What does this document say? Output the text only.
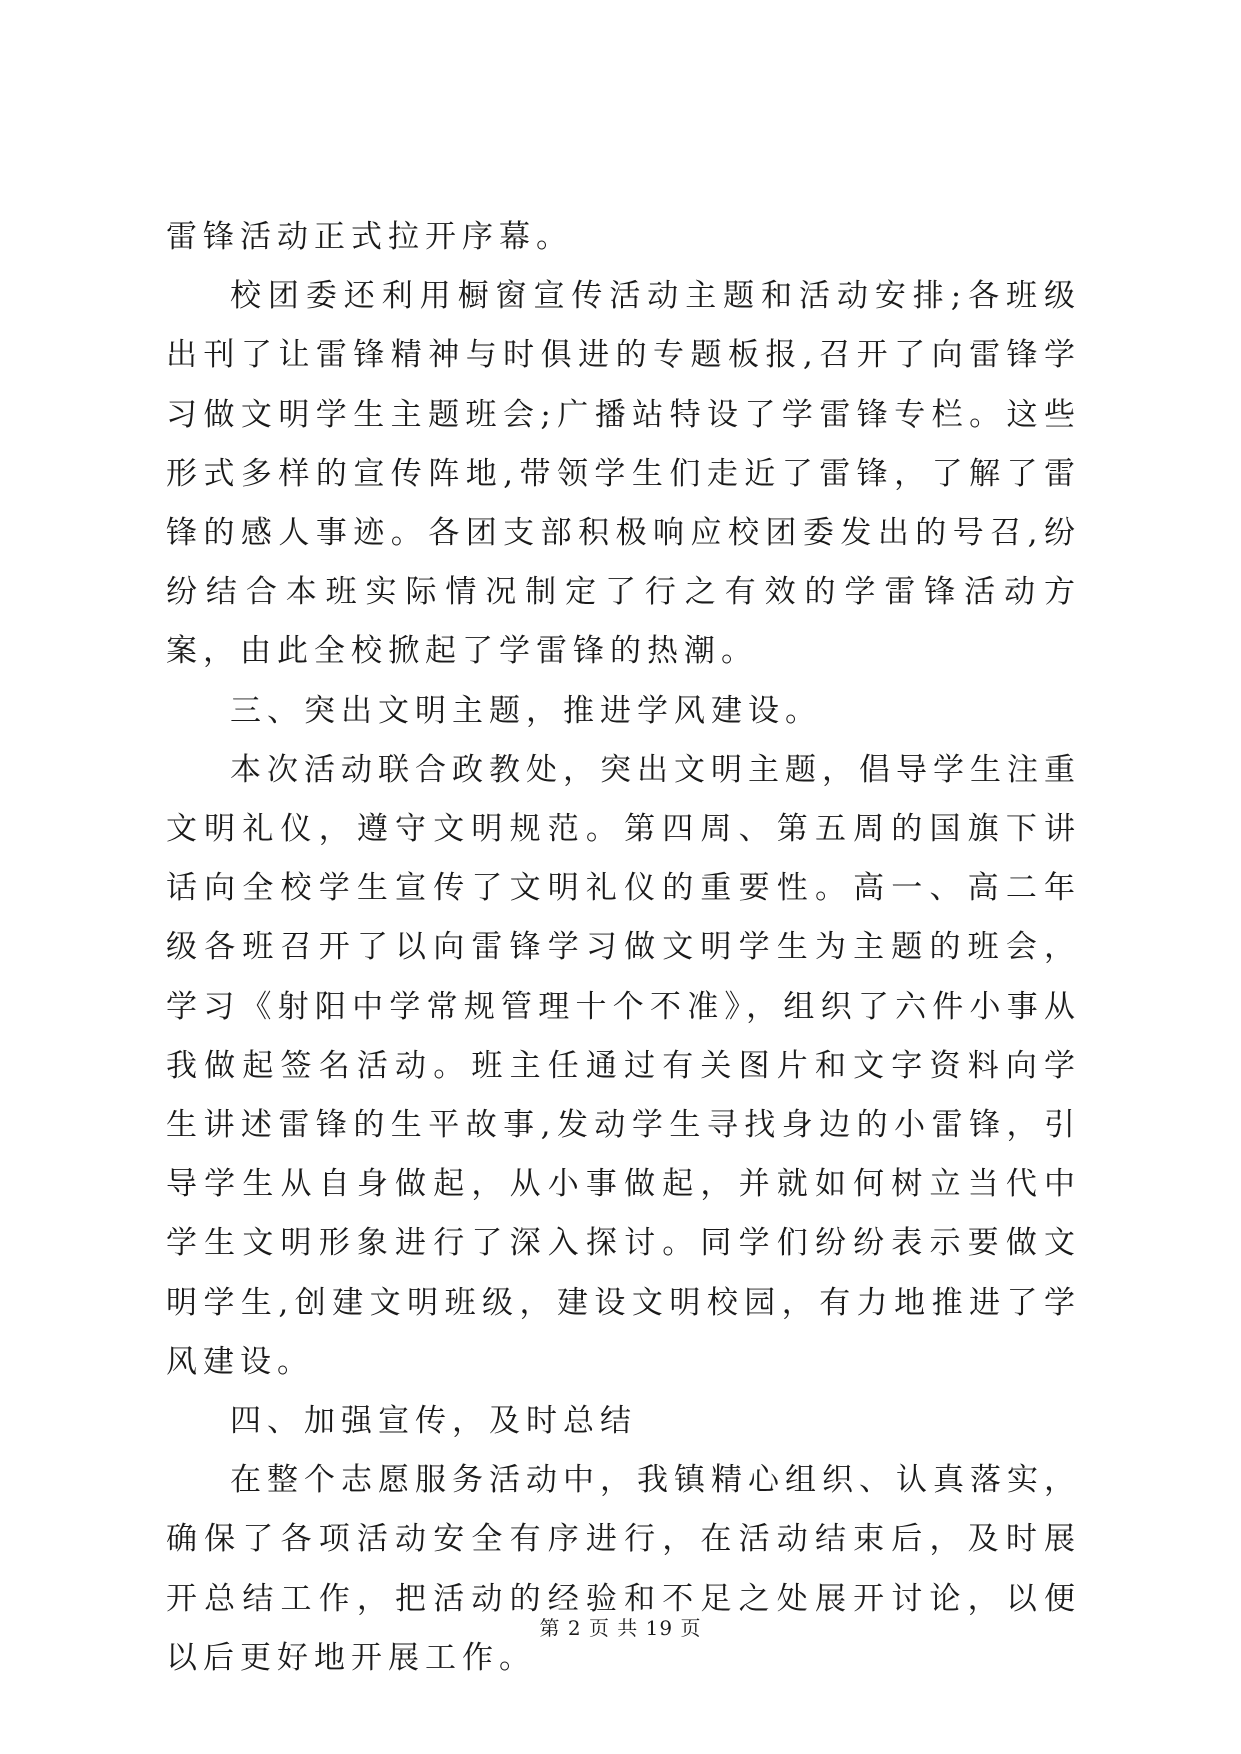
雷锋活动正式拉开序幕。

校团委还利用橱窗宣传活动主题和活动安排;各班级出刊了让雷锋精神与时俱进的专题板报,召开了向雷锋学习做文明学生主题班会;广播站特设了学雷锋专栏。这些形式多样的宣传阵地,带领学生们走近了雷锋，了解了雷锋的感人事迹。各团支部积极响应校团委发出的号召,纷纷结合本班实际情况制定了行之有效的学雷锋活动方案，由此全校掀起了学雷锋的热潮。

三、突出文明主题，推进学风建设。

本次活动联合政教处，突出文明主题，倡导学生注重文明礼仪，遵守文明规范。第四周、第五周的国旗下讲话向全校学生宣传了文明礼仪的重要性。高一、高二年级各班召开了以向雷锋学习做文明学生为主题的班会，学习《射阳中学常规管理十个不准》，组织了六件小事从我做起签名活动。班主任通过有关图片和文字资料向学生讲述雷锋的生平故事,发动学生寻找身边的小雷锋，引导学生从自身做起，从小事做起，并就如何树立当代中学生文明形象进行了深入探讨。同学们纷纷表示要做文明学生,创建文明班级，建设文明校园，有力地推进了学风建设。

四、加强宣传，及时总结

在整个志愿服务活动中，我镇精心组织、认真落实，确保了各项活动安全有序进行，在活动结束后，及时展开总结工作，把活动的经验和不足之处展开讨论，以便以后更好地开展工作。

第 2 页 共 19 页
